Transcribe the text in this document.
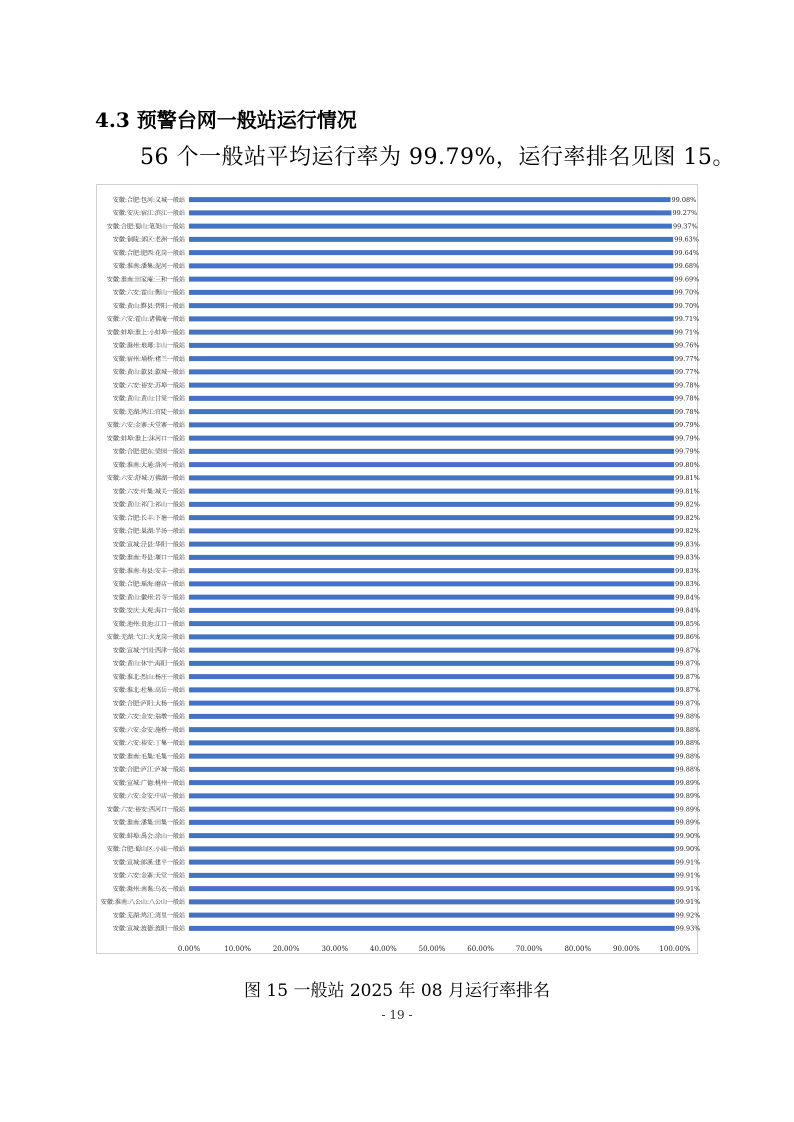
4.3 预警台网一般站运行情况
56 个一般站平均运行率为 99.79%，运行率排名见图 15。
安徽:合肥:包河:义城一般站	99.08%
安徽:安庆:宿江:滨江一般站	99.27%
安徽:合肥:蜀山:笔架山一般站	99.37%
安徽:铜陵:郊区:老洲一般站	99.63%
安徽:合肥:肥西:花岗一般站	99.64%
安徽:淮南:潘集:泥河一般站	99.68%
安徽:淮南:田家庵:三和一般站	99.69%
安徽:六安:霍山:衡山一般站	99.70%
安徽:黄山:黟县:碧阳一般站	99.70%
安徽:六安:霍山:诸佛庵一般站	99.71%
安徽:蚌埠:淮上:小蚌埠一般站	99.71%
安徽:滁州:琅琊:丰山一般站	99.76%
安徽:宿州:埇桥:褚兰一般站	99.77%
安徽:黄山:歙县:歙城一般站	99.77%
安徽:六安:裕安:苏埠一般站	99.78%
安徽:黄山:黄山:甘棠一般站	99.78%
安徽:芜湖:鸠江:官陡一般站	99.78%
安徽:六安:金寨:天堂寨一般站	99.79%
安徽:蚌埠:淮上:沫河口一般站	99.79%
安徽:合肥:肥东:梁园一般站	99.79%
安徽:淮南:大通:洛河一般站	99.80%
安徽:六安:舒城:万佛湖一般站	99.81%
安徽:六安:叶集:城关一般站	99.81%
安徽:黄山:祁门:祁山一般站	99.82%
安徽:合肥:长丰:下塘一般站	99.82%
安徽:合肥:巢湖:半汤一般站	99.82%
安徽:宣城:泾县:华阳一般站	99.83%
安徽:淮南:寿县:堰口一般站	99.83%
安徽:淮南:寿县:安丰一般站	99.83%
安徽:合肥:瑶海:磨店一般站	99.83%
安徽:黄山:徽州:岩寺一般站	99.84%
安徽:安庆:大观:海口一般站	99.84%
安徽:池州:贵池:江口一般站	99.85%
安徽:芜湖:弋江:火龙岗一般站	99.86%
安徽:宣城:宁国:西津一般站	99.87%
安徽:黄山:休宁:海阳一般站	99.87%
安徽:淮北:烈山:杨庄一般站	99.87%
安徽:淮北:杜集:高岳一般站	99.87%
安徽:合肥:庐阳:大杨一般站	99.87%
安徽:六安:金安:翁墩一般站	99.88%
安徽:六安:金安:施桥一般站	99.88%
安徽:六安:裕安:丁集一般站	99.88%
安徽:淮南:毛集:毛集一般站	99.88%
安徽:合肥:庐江:庐城一般站	99.88%
安徽:宣城:广德:桃州一般站	99.89%
安徽:六安:金安:中店一般站	99.89%
安徽:六安:裕安:西河口一般站	99.89%
安徽:淮南:潘集:田集一般站	99.89%
安徽:蚌埠:禹会:涂山一般站	99.90%
安徽:合肥:蜀山区:小庙一般站	99.90%
安徽:宣城:郎溪:建平一般站	99.91%
安徽:六安:金寨:天堂一般站	99.91%
安徽:滁州:南谯:乌衣一般站	99.91%
安徽:淮南:八公山:八公山一般站	99.91%
安徽:芜湖:鸠江:湾里一般站	99.92%
安徽:宣城:旌德:旌阳一般站	99.93%
0.00%	10.00%	20.00%	30.00%	40.00%	50.00%	60.00%	70.00%	80.00%	90.00%	100.00%
图 15 一般站 2025 年 08 月运行率排名
- 19 -
